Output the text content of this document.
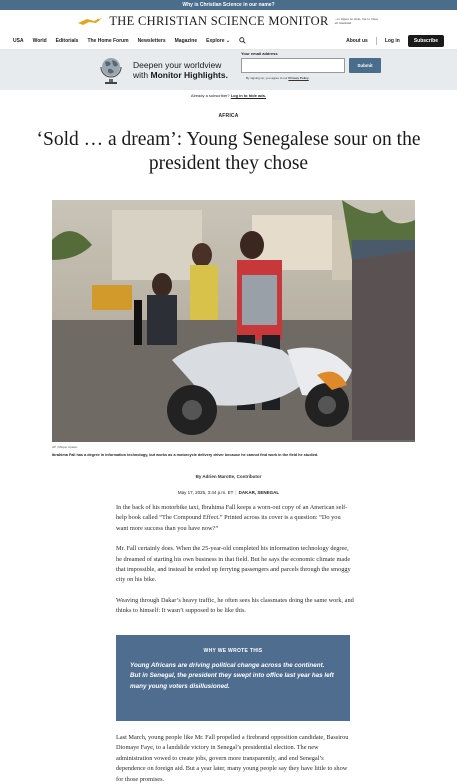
Why is Christian Science in our name?
THE CHRISTIAN SCIENCE MONITOR ...to injure no man, but to bless all mankind
USA World Editorials The Home Forum Newsletters Magazine Explore ⌄	About us	Log in	Subscribe
Deepen your worldview
with Monitor Highlights.
Your email address
Submit
By signing up, you agree to our Privacy Policy.
Already a subscriber? Log in to hide ads.
AFRICA
‘Sold … a dream’: Young Senegalese sour on the president they chose
AP | Misper Apawu
Ibrahima Fall has a degree in information technology, but works as a motorcycle delivery driver because he cannot find work in the field he studied.
By Adrien Marotte, Contributor
May 17, 2025, 3:44 p.m. ET | DAKAR, SENEGAL

In the back of his motorbike taxi, Ibrahima Fall keeps a worn-out copy of an American self-help book called “The Compound Effect.” Printed across its cover is a question: “Do you want more success than you have now?”

Mr. Fall certainly does. When the 25-year-old completed his information technology degree, he dreamed of starting his own business in that field. But he says the economic climate made that impossible, and instead he ended up ferrying passengers and parcels through the smoggy city on his bike.

Weaving through Dakar’s heavy traffic, he often sees his classmates doing the same work, and thinks to himself: It wasn’t supposed to be like this.

WHY WE WROTE THIS
Young Africans are driving political change across the continent. But in Senegal, the president they swept into office last year has left many young voters disillusioned.

Last March, young people like Mr. Fall propelled a firebrand opposition candidate, Bassirou Diomaye Faye, to a landslide victory in Senegal’s presidential election. The new administration vowed to create jobs, govern more transparently, and end Senegal’s dependence on foreign aid. But a year later, many young people say they have little to show for those promises.
